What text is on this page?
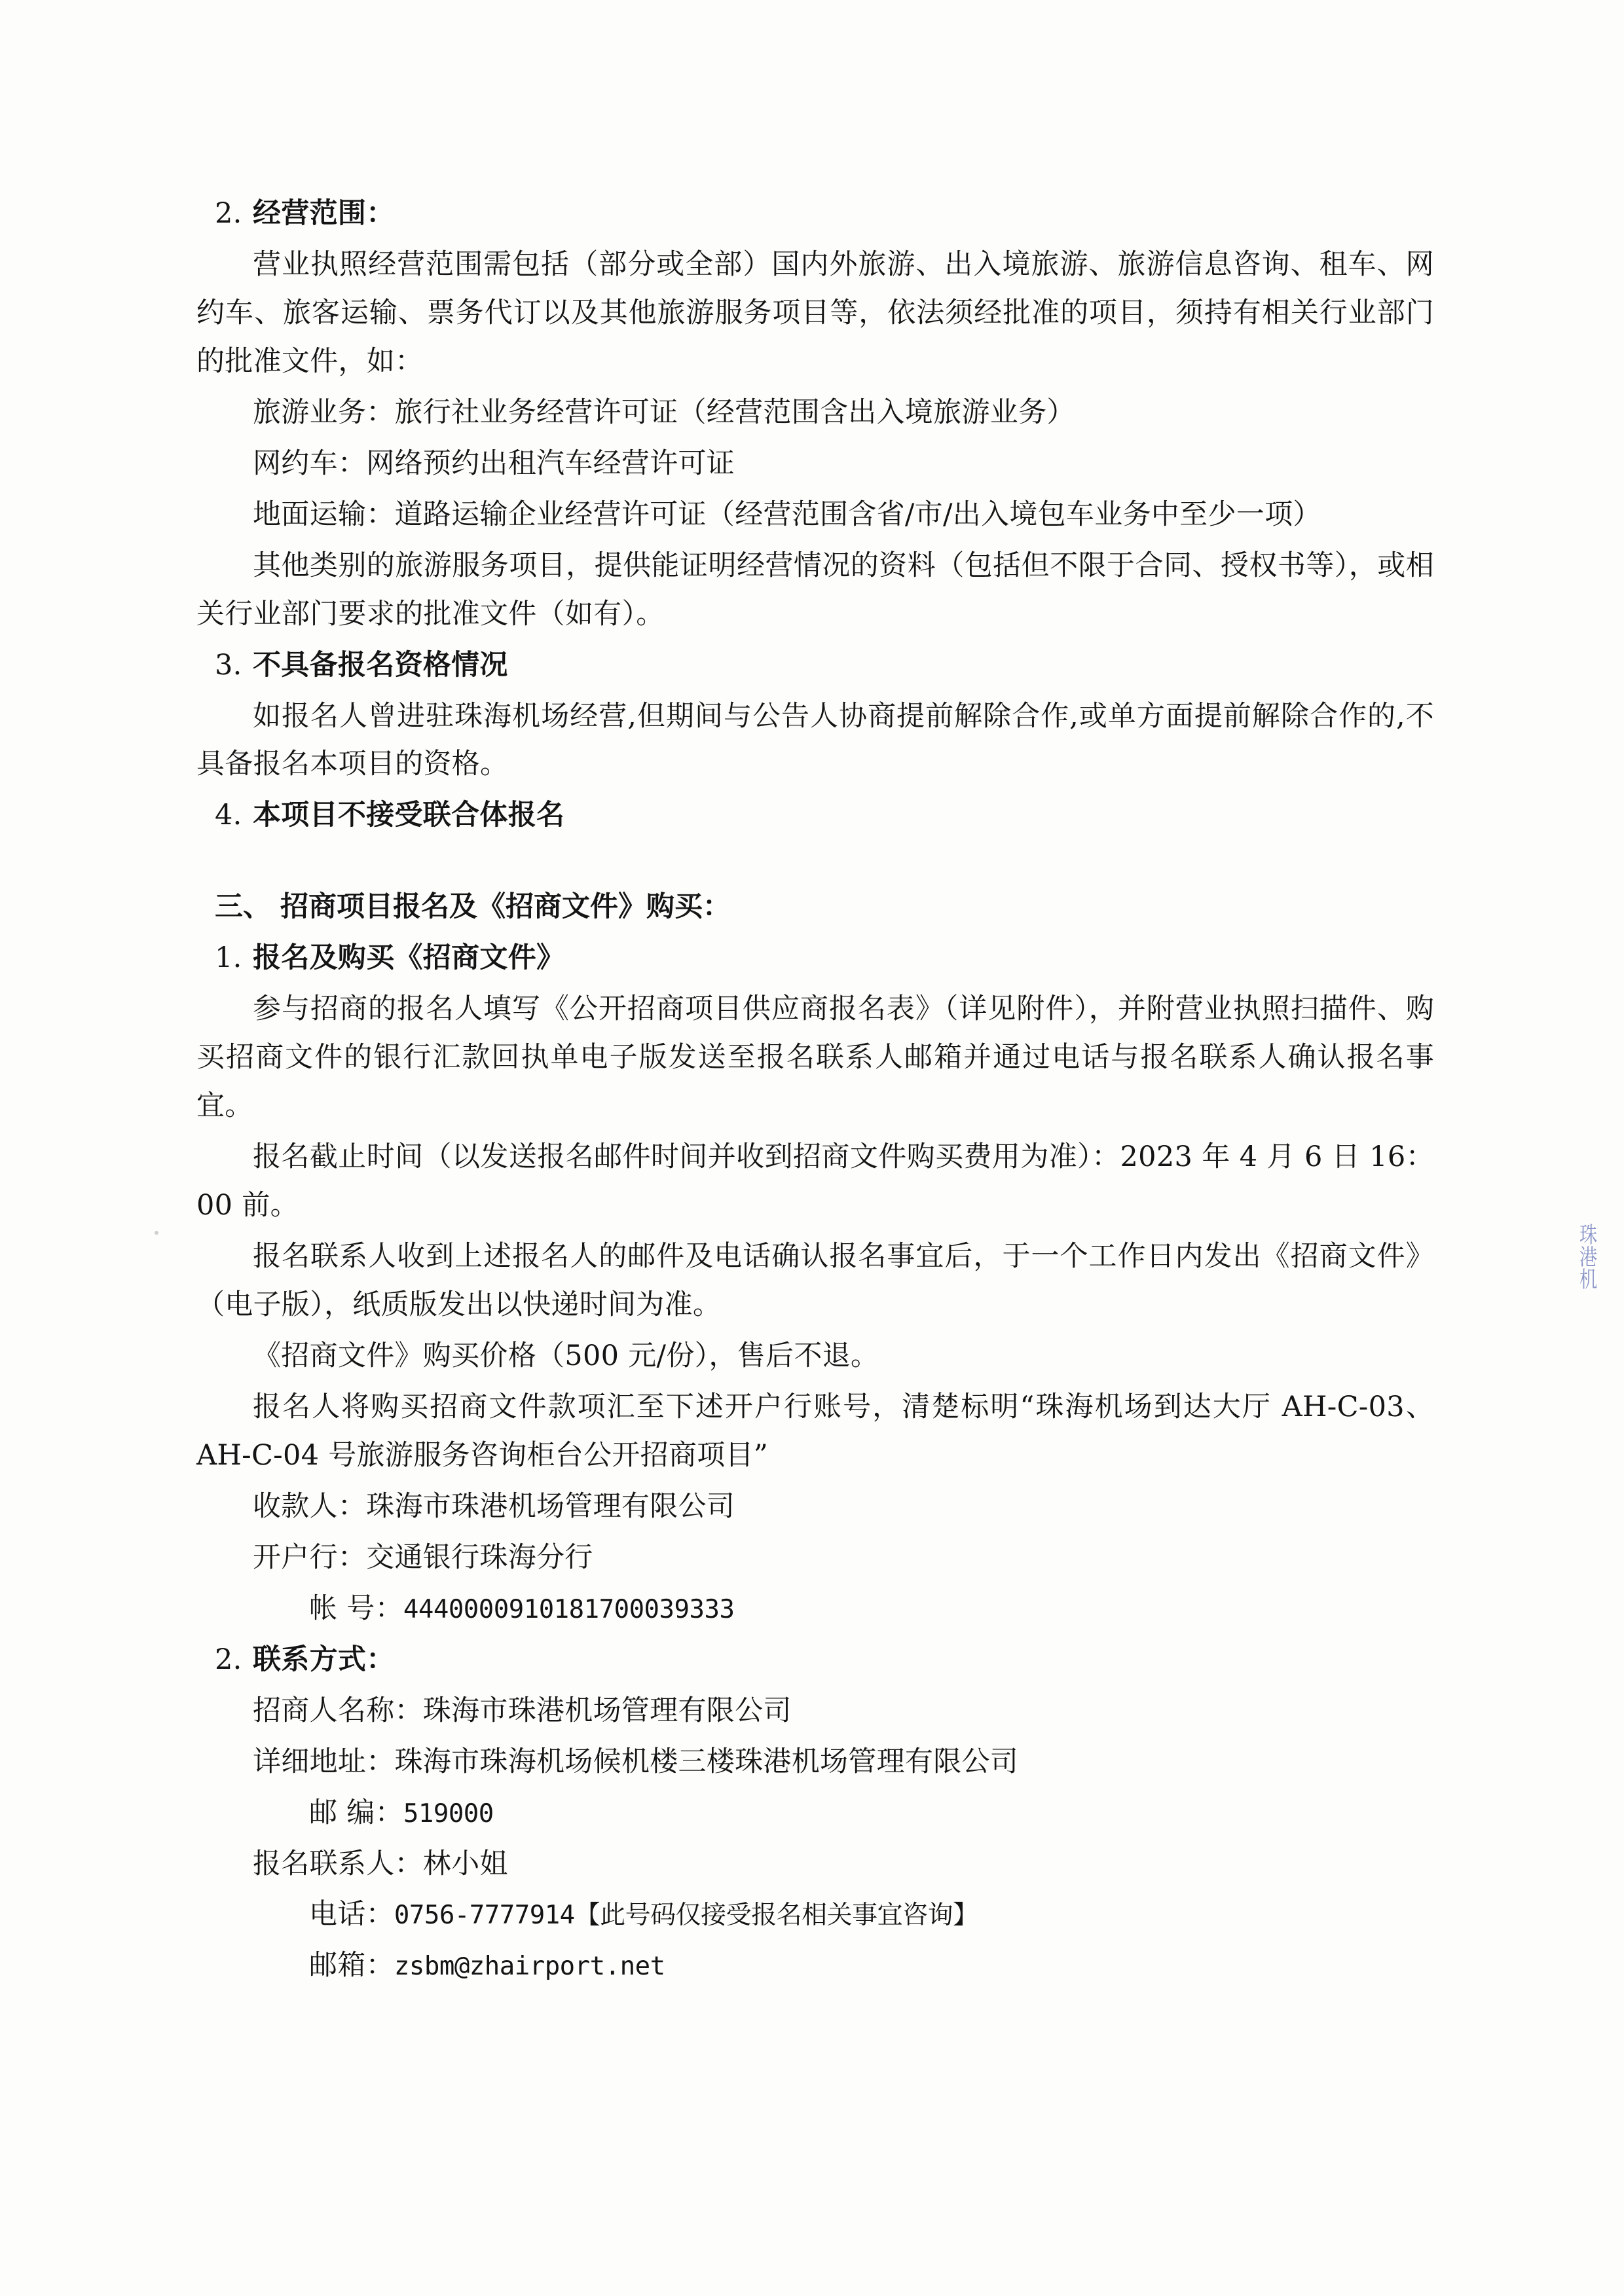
2. 经营范围：

营业执照经营范围需包括（部分或全部）国内外旅游、出入境旅游、旅游信息咨询、租车、网约车、旅客运输、票务代订以及其他旅游服务项目等，依法须经批准的项目，须持有相关行业部门的批准文件，如：

旅游业务：旅行社业务经营许可证（经营范围含出入境旅游业务）

网约车：网络预约出租汽车经营许可证

地面运输：道路运输企业经营许可证（经营范围含省/市/出入境包车业务中至少一项）

其他类别的旅游服务项目，提供能证明经营情况的资料（包括但不限于合同、授权书等），或相关行业部门要求的批准文件（如有）。

3. 不具备报名资格情况

如报名人曾进驻珠海机场经营,但期间与公告人协商提前解除合作,或单方面提前解除合作的,不具备报名本项目的资格。

4. 本项目不接受联合体报名

三、 招商项目报名及《招商文件》购买：

1. 报名及购买《招商文件》

参与招商的报名人填写《公开招商项目供应商报名表》（详见附件），并附营业执照扫描件、购买招商文件的银行汇款回执单电子版发送至报名联系人邮箱并通过电话与报名联系人确认报名事宜。

报名截止时间（以发送报名邮件时间并收到招商文件购买费用为准）：2023 年 4 月 6 日 16：00 前。

报名联系人收到上述报名人的邮件及电话确认报名事宜后，于一个工作日内发出《招商文件》（电子版），纸质版发出以快递时间为准。

《招商文件》购买价格（500 元/份），售后不退。

报名人将购买招商文件款项汇至下述开户行账号，清楚标明“珠海机场到达大厅 AH-C-03、AH-C-04 号旅游服务咨询柜台公开招商项目”

收款人：珠海市珠港机场管理有限公司

开户行：交通银行珠海分行

帐 号：4440000910181700039333

2. 联系方式：

招商人名称：珠海市珠港机场管理有限公司

详细地址：珠海市珠海机场候机楼三楼珠港机场管理有限公司

邮 编：519000

报名联系人：林小姐

电话：0756-7777914【此号码仅接受报名相关事宜咨询】

邮箱：zsbm@zhairport.net

珠
港
机
